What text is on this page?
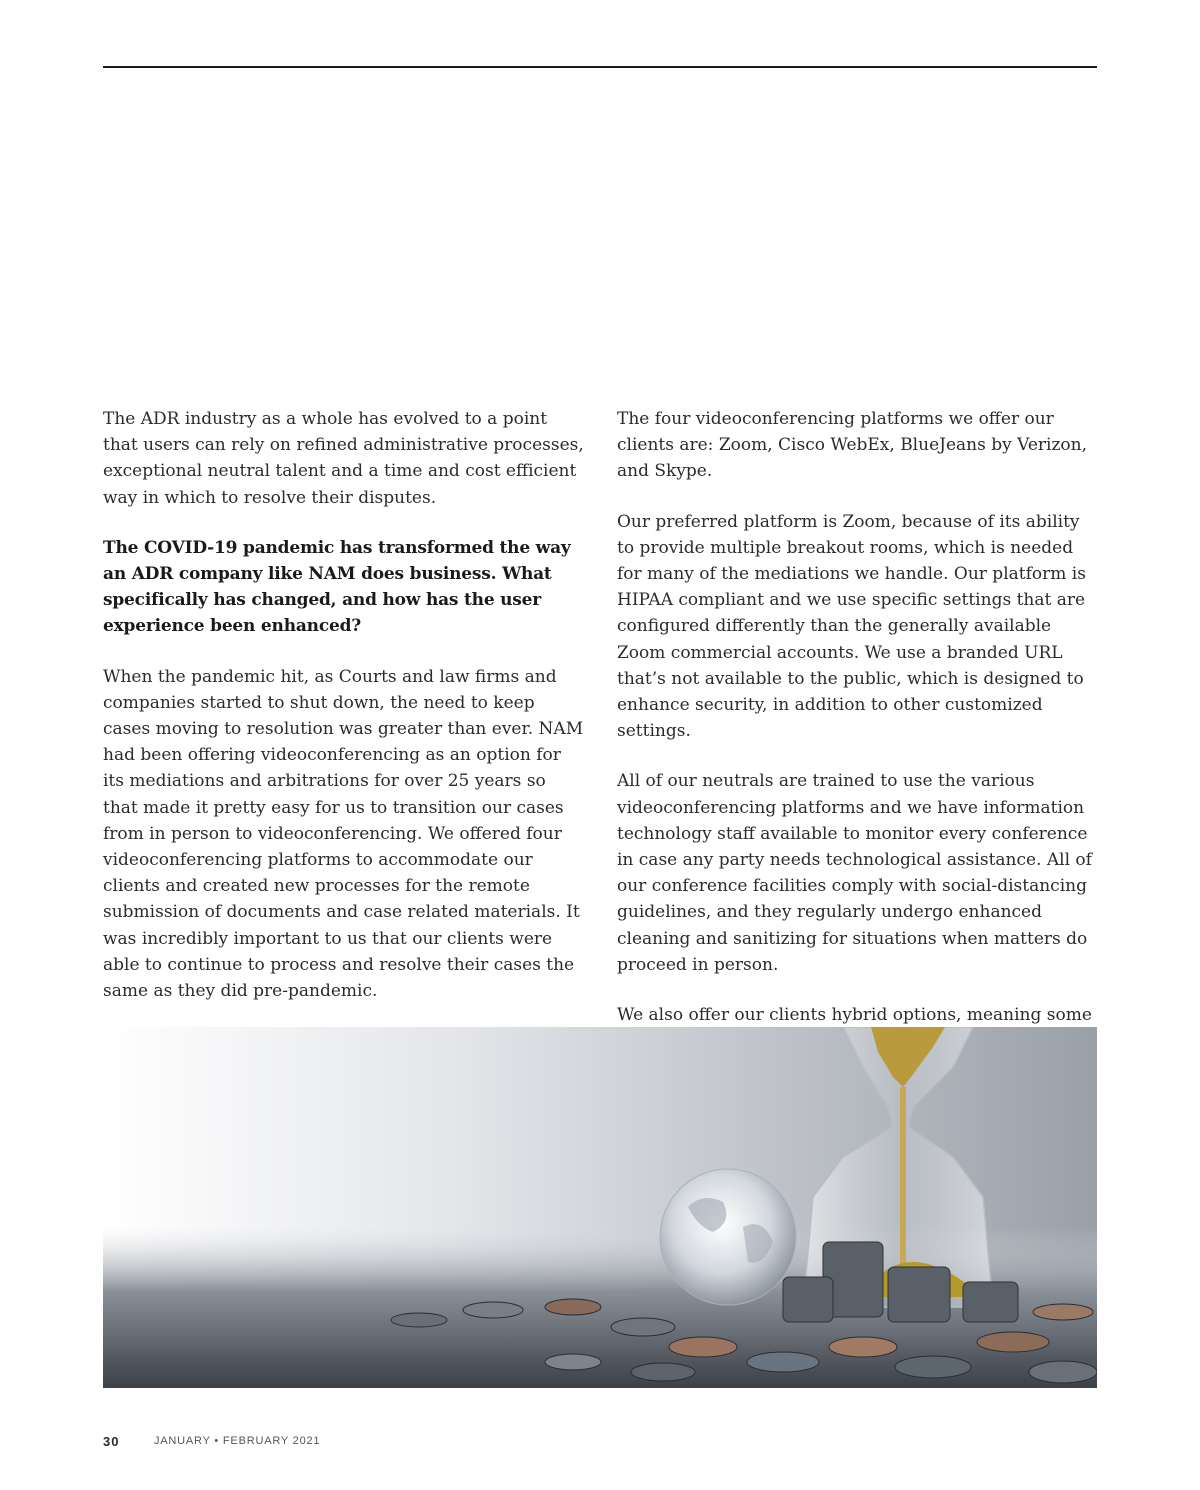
The ADR industry as a whole has evolved to a point that users can rely on refined administrative processes, exceptional neutral talent and a time and cost efficient way in which to resolve their disputes.

The COVID-19 pandemic has transformed the way an ADR company like NAM does business. What specifically has changed, and how has the user experience been enhanced?

When the pandemic hit, as Courts and law firms and companies started to shut down, the need to keep cases moving to resolution was greater than ever. NAM had been offering videoconferencing as an option for its mediations and arbitrations for over 25 years so that made it pretty easy for us to transition our cases from in person to videoconferencing. We offered four videoconferencing platforms to accommodate our clients and created new processes for the remote submission of documents and case related materials. It was incredibly important to us that our clients were able to continue to process and resolve their cases the same as they did pre-pandemic.

The four videoconferencing platforms we offer our clients are: Zoom, Cisco WebEx, BlueJeans by Verizon, and Skype.

Our preferred platform is Zoom, because of its ability to provide multiple breakout rooms, which is needed for many of the mediations we handle. Our platform is HIPAA compliant and we use specific settings that are configured differently than the generally available Zoom commercial accounts. We use a branded URL that’s not available to the public, which is designed to enhance security, in addition to other customized settings.

All of our neutrals are trained to use the various videoconferencing platforms and we have information technology staff available to monitor every conference in case any party needs technological assistance. All of our conference facilities comply with social-distancing guidelines, and they regularly undergo enhanced cleaning and sanitizing for situations when matters do proceed in person.

We also offer our clients hybrid options, meaning some

30	JANUARY • FEBRUARY 2021
